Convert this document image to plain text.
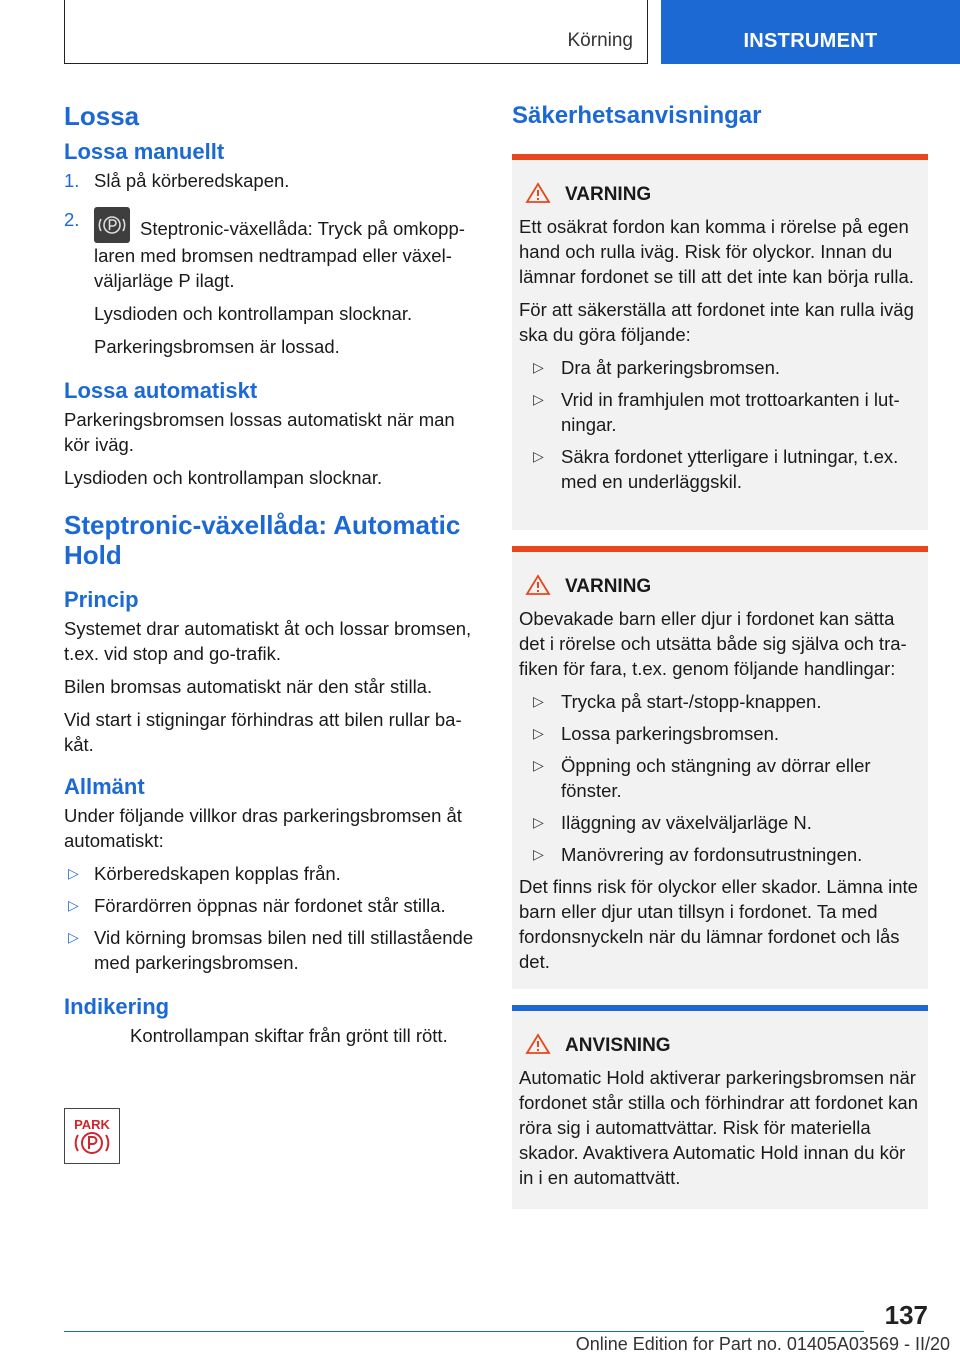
Körning	INSTRUMENT
Lossa
Lossa manuellt
1. Slå på körberedskapen.
2.	Steptronic-växellåda: Tryck på omkopplaren med bromsen nedtrampad eller växelväljarläge P ilagt.

Lysdioden och kontrollampan slocknar.

Parkeringsbromsen är lossad.

Lossa automatiskt

Parkeringsbromsen lossas automatiskt när man kör iväg.

Lysdioden och kontrollampan slocknar.

Steptronic-växellåda: Automatic Hold
Princip

Systemet drar automatiskt åt och lossar bromsen, t.ex. vid stop and go-trafik.

Bilen bromsas automatiskt när den står stilla.

Vid start i stigningar förhindras att bilen rullar bakåt.

Allmänt

Under följande villkor dras parkeringsbromsen åt automatiskt:

▷ Körberedskapen kopplas från.
▷ Förardörren öppnas när fordonet står stilla.
▷ Vid körning bromsas bilen ned till stillastående med parkeringsbromsen.
Indikering

Kontrollampan skiftar från grönt till rött.

PARK
Säkerhetsanvisningar
VARNING

Ett osäkrat fordon kan komma i rörelse på egen hand och rulla iväg. Risk för olyckor. Innan du lämnar fordonet se till att det inte kan börja rulla.

För att säkerställa att fordonet inte kan rulla iväg ska du göra följande:

▷ Dra åt parkeringsbromsen.
▷ Vrid in framhjulen mot trottoarkanten i lutningar.
▷ Säkra fordonet ytterligare i lutningar, t.ex. med en underläggskil.
VARNING

Obevakade barn eller djur i fordonet kan sätta det i rörelse och utsätta både sig själva och trafiken för fara, t.ex. genom följande handlingar:

▷ Trycka på start-/stopp-knappen.
▷ Lossa parkeringsbromsen.
▷ Öppning och stängning av dörrar eller fönster.
▷ Iläggning av växelväljarläge N.
▷ Manövrering av fordonsutrustningen.

Det finns risk för olyckor eller skador. Lämna inte barn eller djur utan tillsyn i fordonet. Ta med fordonsnyckeln när du lämnar fordonet och lås det.

ANVISNING

Automatic Hold aktiverar parkeringsbromsen när fordonet står stilla och förhindrar att fordonet kan röra sig i automattvättar. Risk för materiella skador. Avaktivera Automatic Hold innan du kör in i en automattvätt.

137
Online Edition for Part no. 01405A03569 - II/20
